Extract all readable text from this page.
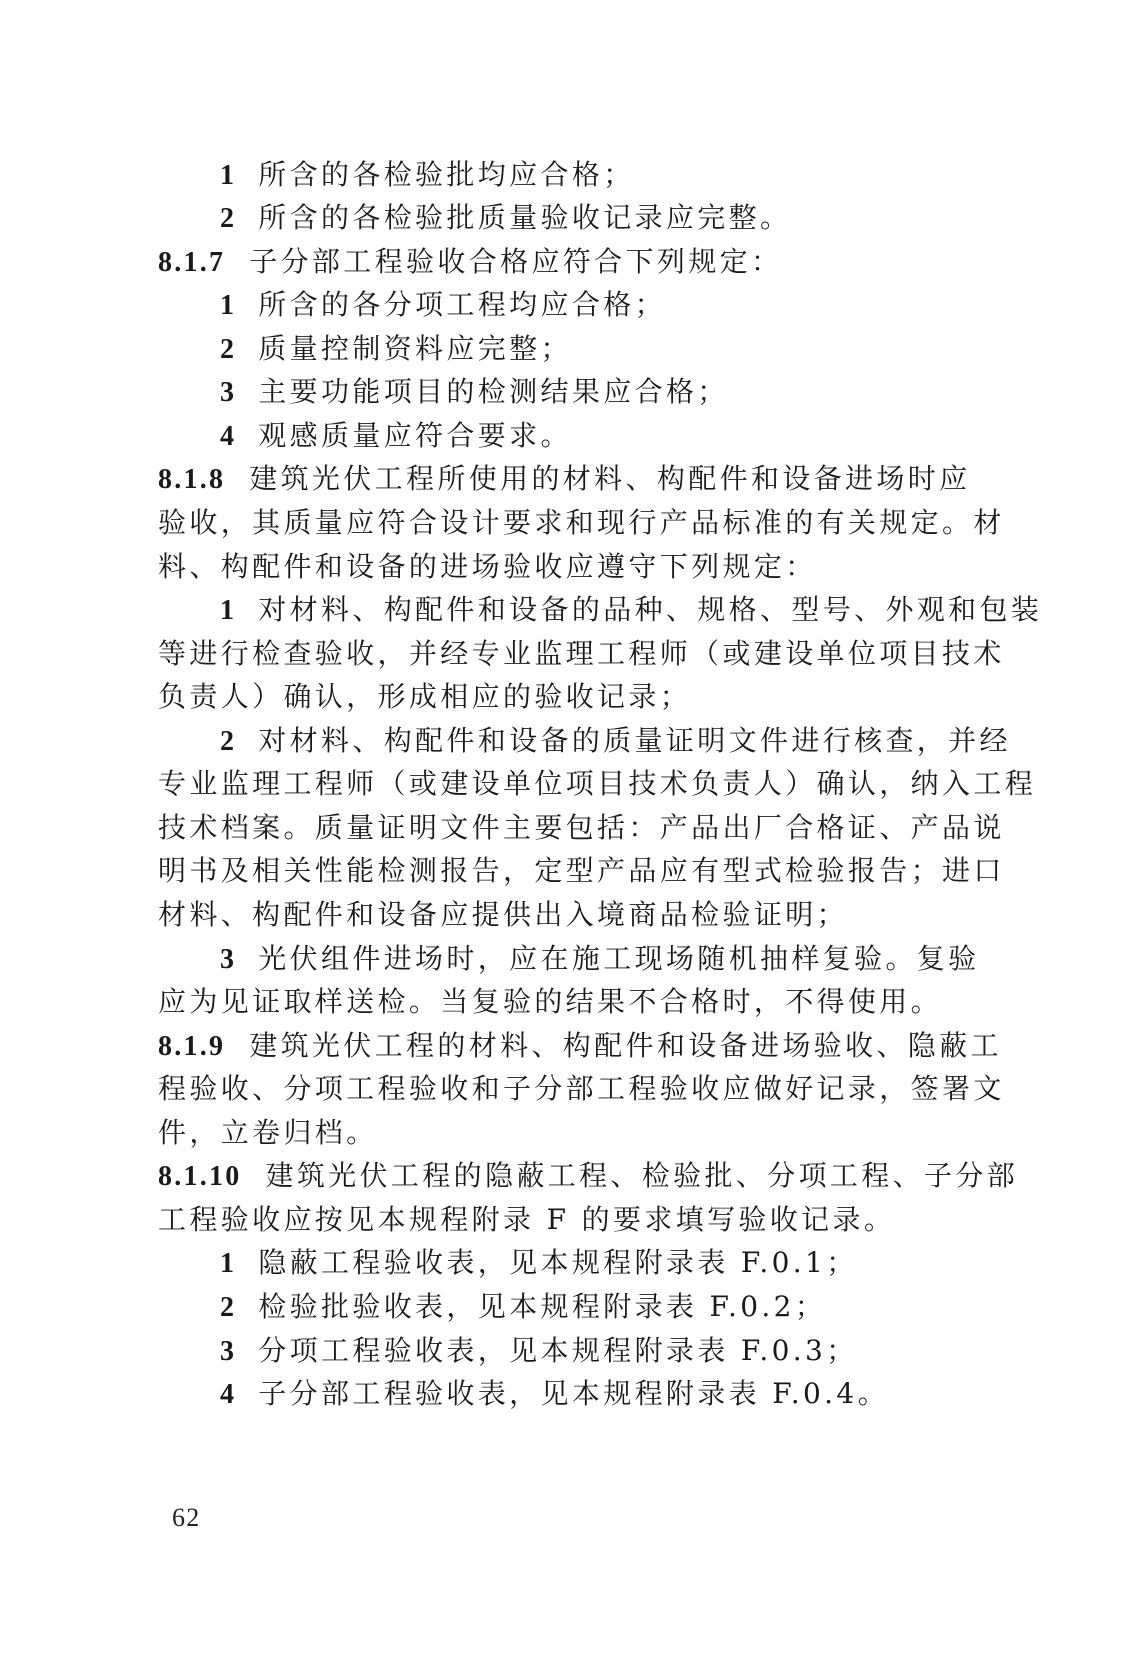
1 所含的各检验批均应合格；
2 所含的各检验批质量验收记录应完整。
8.1.7 子分部工程验收合格应符合下列规定：
1 所含的各分项工程均应合格；
2 质量控制资料应完整；
3 主要功能项目的检测结果应合格；
4 观感质量应符合要求。
8.1.8 建筑光伏工程所使用的材料、构配件和设备进场时应
验收，其质量应符合设计要求和现行产品标准的有关规定。材
料、构配件和设备的进场验收应遵守下列规定：
1 对材料、构配件和设备的品种、规格、型号、外观和包装
等进行检查验收，并经专业监理工程师（或建设单位项目技术
负责人）确认，形成相应的验收记录；
2 对材料、构配件和设备的质量证明文件进行核查，并经
专业监理工程师（或建设单位项目技术负责人）确认，纳入工程
技术档案。质量证明文件主要包括：产品出厂合格证、产品说
明书及相关性能检测报告，定型产品应有型式检验报告；进口
材料、构配件和设备应提供出入境商品检验证明；
3 光伏组件进场时，应在施工现场随机抽样复验。复验
应为见证取样送检。当复验的结果不合格时，不得使用。
8.1.9 建筑光伏工程的材料、构配件和设备进场验收、隐蔽工
程验收、分项工程验收和子分部工程验收应做好记录，签署文
件，立卷归档。
8.1.10 建筑光伏工程的隐蔽工程、检验批、分项工程、子分部
工程验收应按见本规程附录 F 的要求填写验收记录。
1 隐蔽工程验收表，见本规程附录表 F.0.1；
2 检验批验收表，见本规程附录表 F.0.2；
3 分项工程验收表，见本规程附录表 F.0.3；
4 子分部工程验收表，见本规程附录表 F.0.4。
62
